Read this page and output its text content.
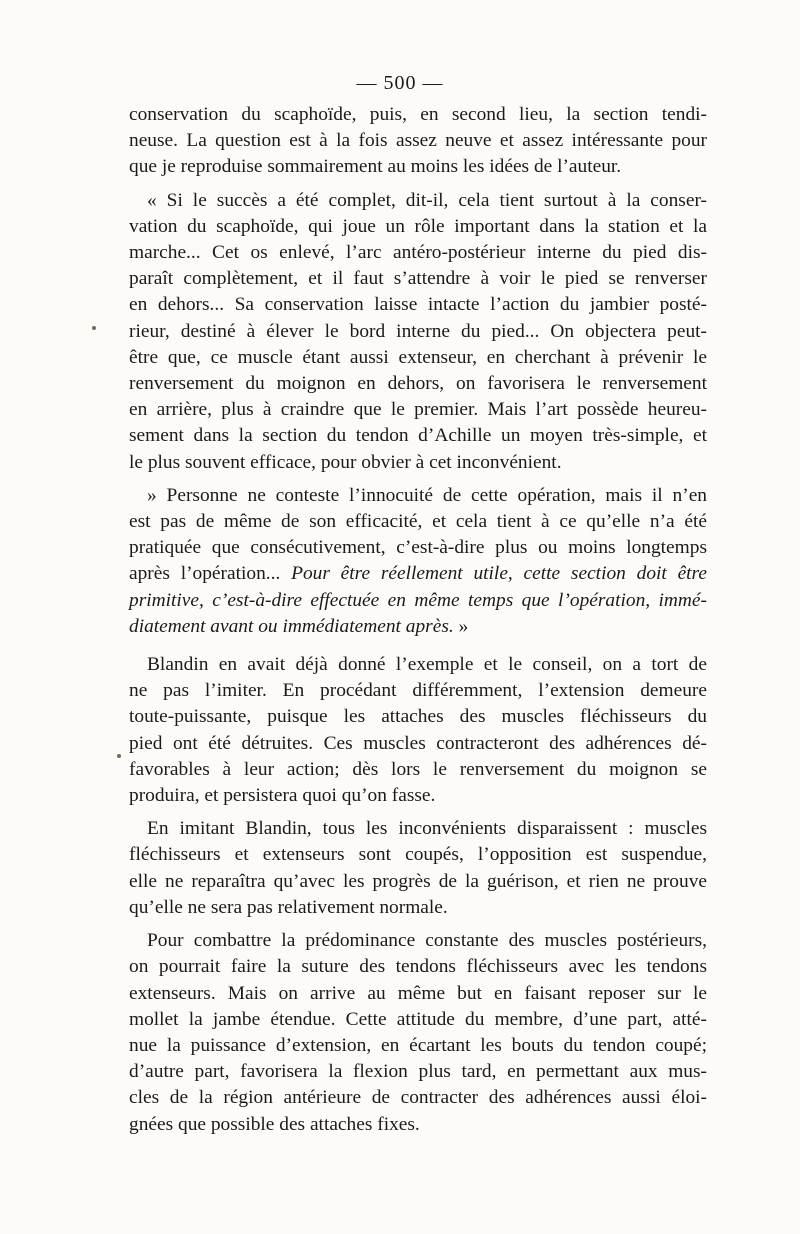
— 500 —

conservation du scaphoïde, puis, en second lieu, la section tendi-
neuse. La question est à la fois assez neuve et assez intéressante pour
que je reproduise sommairement au moins les idées de l’auteur.

« Si le succès a été complet, dit-il, cela tient surtout à la conser-
vation du scaphoïde, qui joue un rôle important dans la station et la
marche... Cet os enlevé, l’arc antéro-postérieur interne du pied dis-
paraît complètement, et il faut s’attendre à voir le pied se renverser
en dehors... Sa conservation laisse intacte l’action du jambier posté-
rieur, destiné à élever le bord interne du pied... On objectera peut-
être que, ce muscle étant aussi extenseur, en cherchant à prévenir le
renversement du moignon en dehors, on favorisera le renversement
en arrière, plus à craindre que le premier. Mais l’art possède heureu-
sement dans la section du tendon d’Achille un moyen très-simple, et
le plus souvent efficace, pour obvier à cet inconvénient.

» Personne ne conteste l’innocuité de cette opération, mais il n’en
est pas de même de son efficacité, et cela tient à ce qu’elle n’a été
pratiquée que consécutivement, c’est-à-dire plus ou moins longtemps
après l’opération... Pour être réellement utile, cette section doit être
primitive, c’est-à-dire effectuée en même temps que l’opération, immé-
diatement avant ou immédiatement après. »

Blandin en avait déjà donné l’exemple et le conseil, on a tort de
ne pas l’imiter. En procédant différemment, l’extension demeure
toute-puissante, puisque les attaches des muscles fléchisseurs du
pied ont été détruites. Ces muscles contracteront des adhérences dé-
favorables à leur action; dès lors le renversement du moignon se
produira, et persistera quoi qu’on fasse.

En imitant Blandin, tous les inconvénients disparaissent : muscles
fléchisseurs et extenseurs sont coupés, l’opposition est suspendue,
elle ne reparaîtra qu’avec les progrès de la guérison, et rien ne prouve
qu’elle ne sera pas relativement normale.

Pour combattre la prédominance constante des muscles postérieurs,
on pourrait faire la suture des tendons fléchisseurs avec les tendons
extenseurs. Mais on arrive au même but en faisant reposer sur le
mollet la jambe étendue. Cette attitude du membre, d’une part, atté-
nue la puissance d’extension, en écartant les bouts du tendon coupé;
d’autre part, favorisera la flexion plus tard, en permettant aux mus-
cles de la région antérieure de contracter des adhérences aussi éloi-
gnées que possible des attaches fixes.
